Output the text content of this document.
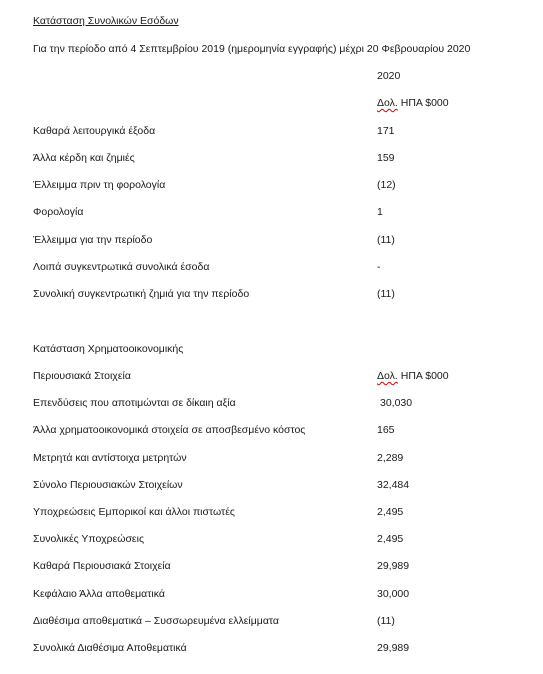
Κατάσταση Συνολικών Εσόδων
Για την περίοδο από 4 Σεπτεμβρίου 2019 (ημερομηνία εγγραφής) μέχρι 20 Φεβρουαρίου 2020
2020
Δολ. ΗΠΑ $000
Καθαρά λειτουργικά έξοδα	171
Άλλα κέρδη και ζημιές	159
Έλλειμμα πριν τη φορολογία	(12)
Φορολογία	1
Έλλειμμα για την περίοδο	(11)
Λοιπά συγκεντρωτικά συνολικά έσοδα	-
Συνολική συγκεντρωτική ζημιά για την περίοδο	(11)
Κατάσταση Χρηματοοικονομικής
Περιουσιακά Στοιχεία	Δολ. ΗΠΑ $000
Επενδύσεις που αποτιμώνται σε δίκαιη αξία	30,030
Άλλα χρηματοοικονομικά στοιχεία σε αποσβεσμένο κόστος	165
Μετρητά και αντίστοιχα μετρητών	2,289
Σύνολο Περιουσιακών Στοιχείων	32,484
Υποχρεώσεις Εμπορικοί και άλλοι πιστωτές	2,495
Συνολικές Υποχρεώσεις	2,495
Καθαρά Περιουσιακά Στοιχεία	29,989
Κεφάλαιο Άλλα αποθεματικά	30,000
Διαθέσιμα αποθεματικά – Συσσωρευμένα ελλείμματα	(11)
Συνολικά Διαθέσιμα Αποθεματικά	29,989
